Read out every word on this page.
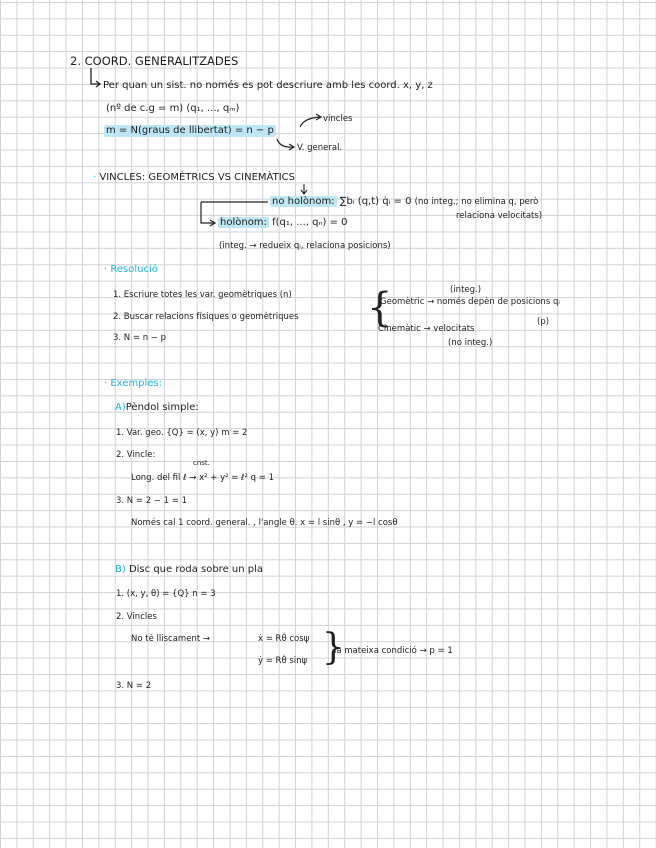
2. COORD. GENERALITZADES
Per quan un sist. no només es pot descriure amb les coord. x, y, z
(nº de c.g = m) (q₁, ..., qₘ)
m = N(graus de llibertat) = n − p
vincles
V. general.
· VINCLES: GEOMÈTRICS VS CINEMÀTICS
no holònom: ∑bᵢ (q,t) q̇ᵢ = 0 (no integ.; no elimina q, però
relaciona velocitats)
holònom: f(q₁, ..., qₙ) = 0
(integ. → redueix qᵢ, relaciona posicions)
· Resolució
1. Escriure totes les var. geomètriques (n)
2. Buscar relacions físiques o geomètriques
3. N = n − p
{	(integ.)
Geomètric → només depèn de posicions qᵢ
(p)
Cinemàtic → velocitats
(no integ.)
· Exemples:
A)Pèndol simple:
1. Var. geo. {Q} = (x, y) m = 2
2. Vincle:
cnst.
Long. del fil ℓ → x² + y² = ℓ² q = 1
3. N = 2 − 1 = 1
Només cal 1 coord. general. , l'angle θ. x = l sinθ , y = −l cosθ
B) Disc que roda sobre un pla
1. (x, y, θ) = {Q} n = 3
2. Vincles
No té lliscament →	ẋ = Rθ̇ cosψ
ẏ = Rθ̇ sinψ {
la mateixa condició → p = 1
3. N = 2
